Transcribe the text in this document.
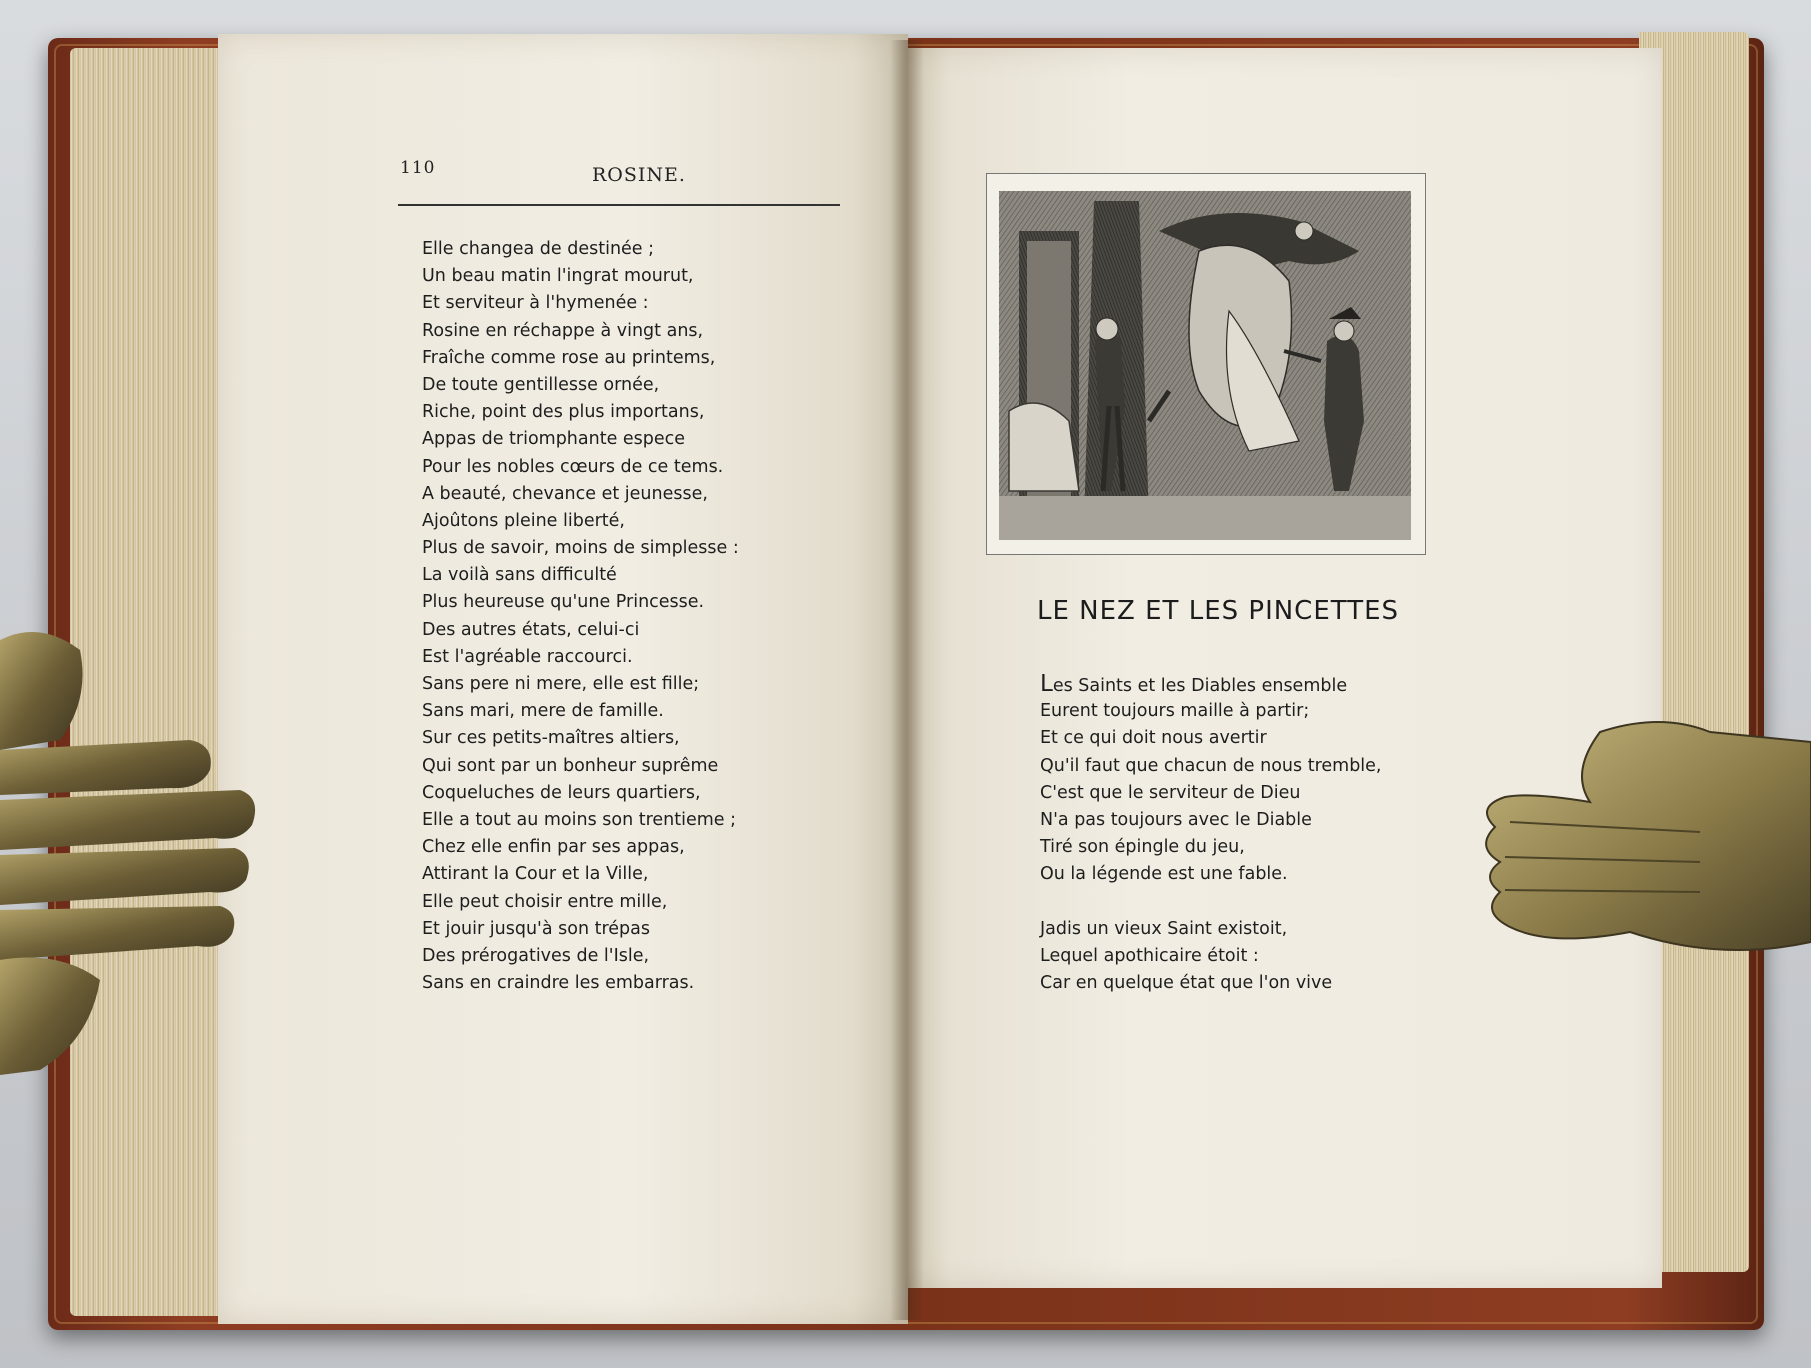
110	ROSINE.
Elle changea de destinée ;
Un beau matin l'ingrat mourut,
Et serviteur à l'hymenée :
Rosine en réchappe à vingt ans,
Fraîche comme rose au printems,
De toute gentillesse ornée,
Riche, point des plus importans,
Appas de triomphante espece
Pour les nobles cœurs de ce tems.
A beauté, chevance et jeunesse,
Ajoûtons pleine liberté,
Plus de savoir, moins de simplesse :
La voilà sans difficulté
Plus heureuse qu'une Princesse.
Des autres états, celui-ci
Est l'agréable raccourci.
Sans pere ni mere, elle est fille;
Sans mari, mere de famille.
Sur ces petits-maîtres altiers,
Qui sont par un bonheur suprême
Coqueluches de leurs quartiers,
Elle a tout au moins son trentieme ;
Chez elle enfin par ses appas,
Attirant la Cour et la Ville,
Elle peut choisir entre mille,
Et jouir jusqu'à son trépas
Des prérogatives de l'Isle,
Sans en craindre les embarras.
LE NEZ ET LES PINCETTES
Les Saints et les Diables ensemble
Eurent toujours maille à partir;
Et ce qui doit nous avertir
Qu'il faut que chacun de nous tremble,
C'est que le serviteur de Dieu
N'a pas toujours avec le Diable
Tiré son épingle du jeu,
Ou la légende est une fable.
Jadis un vieux Saint existoit,
Lequel apothicaire étoit :
Car en quelque état que l'on vive
